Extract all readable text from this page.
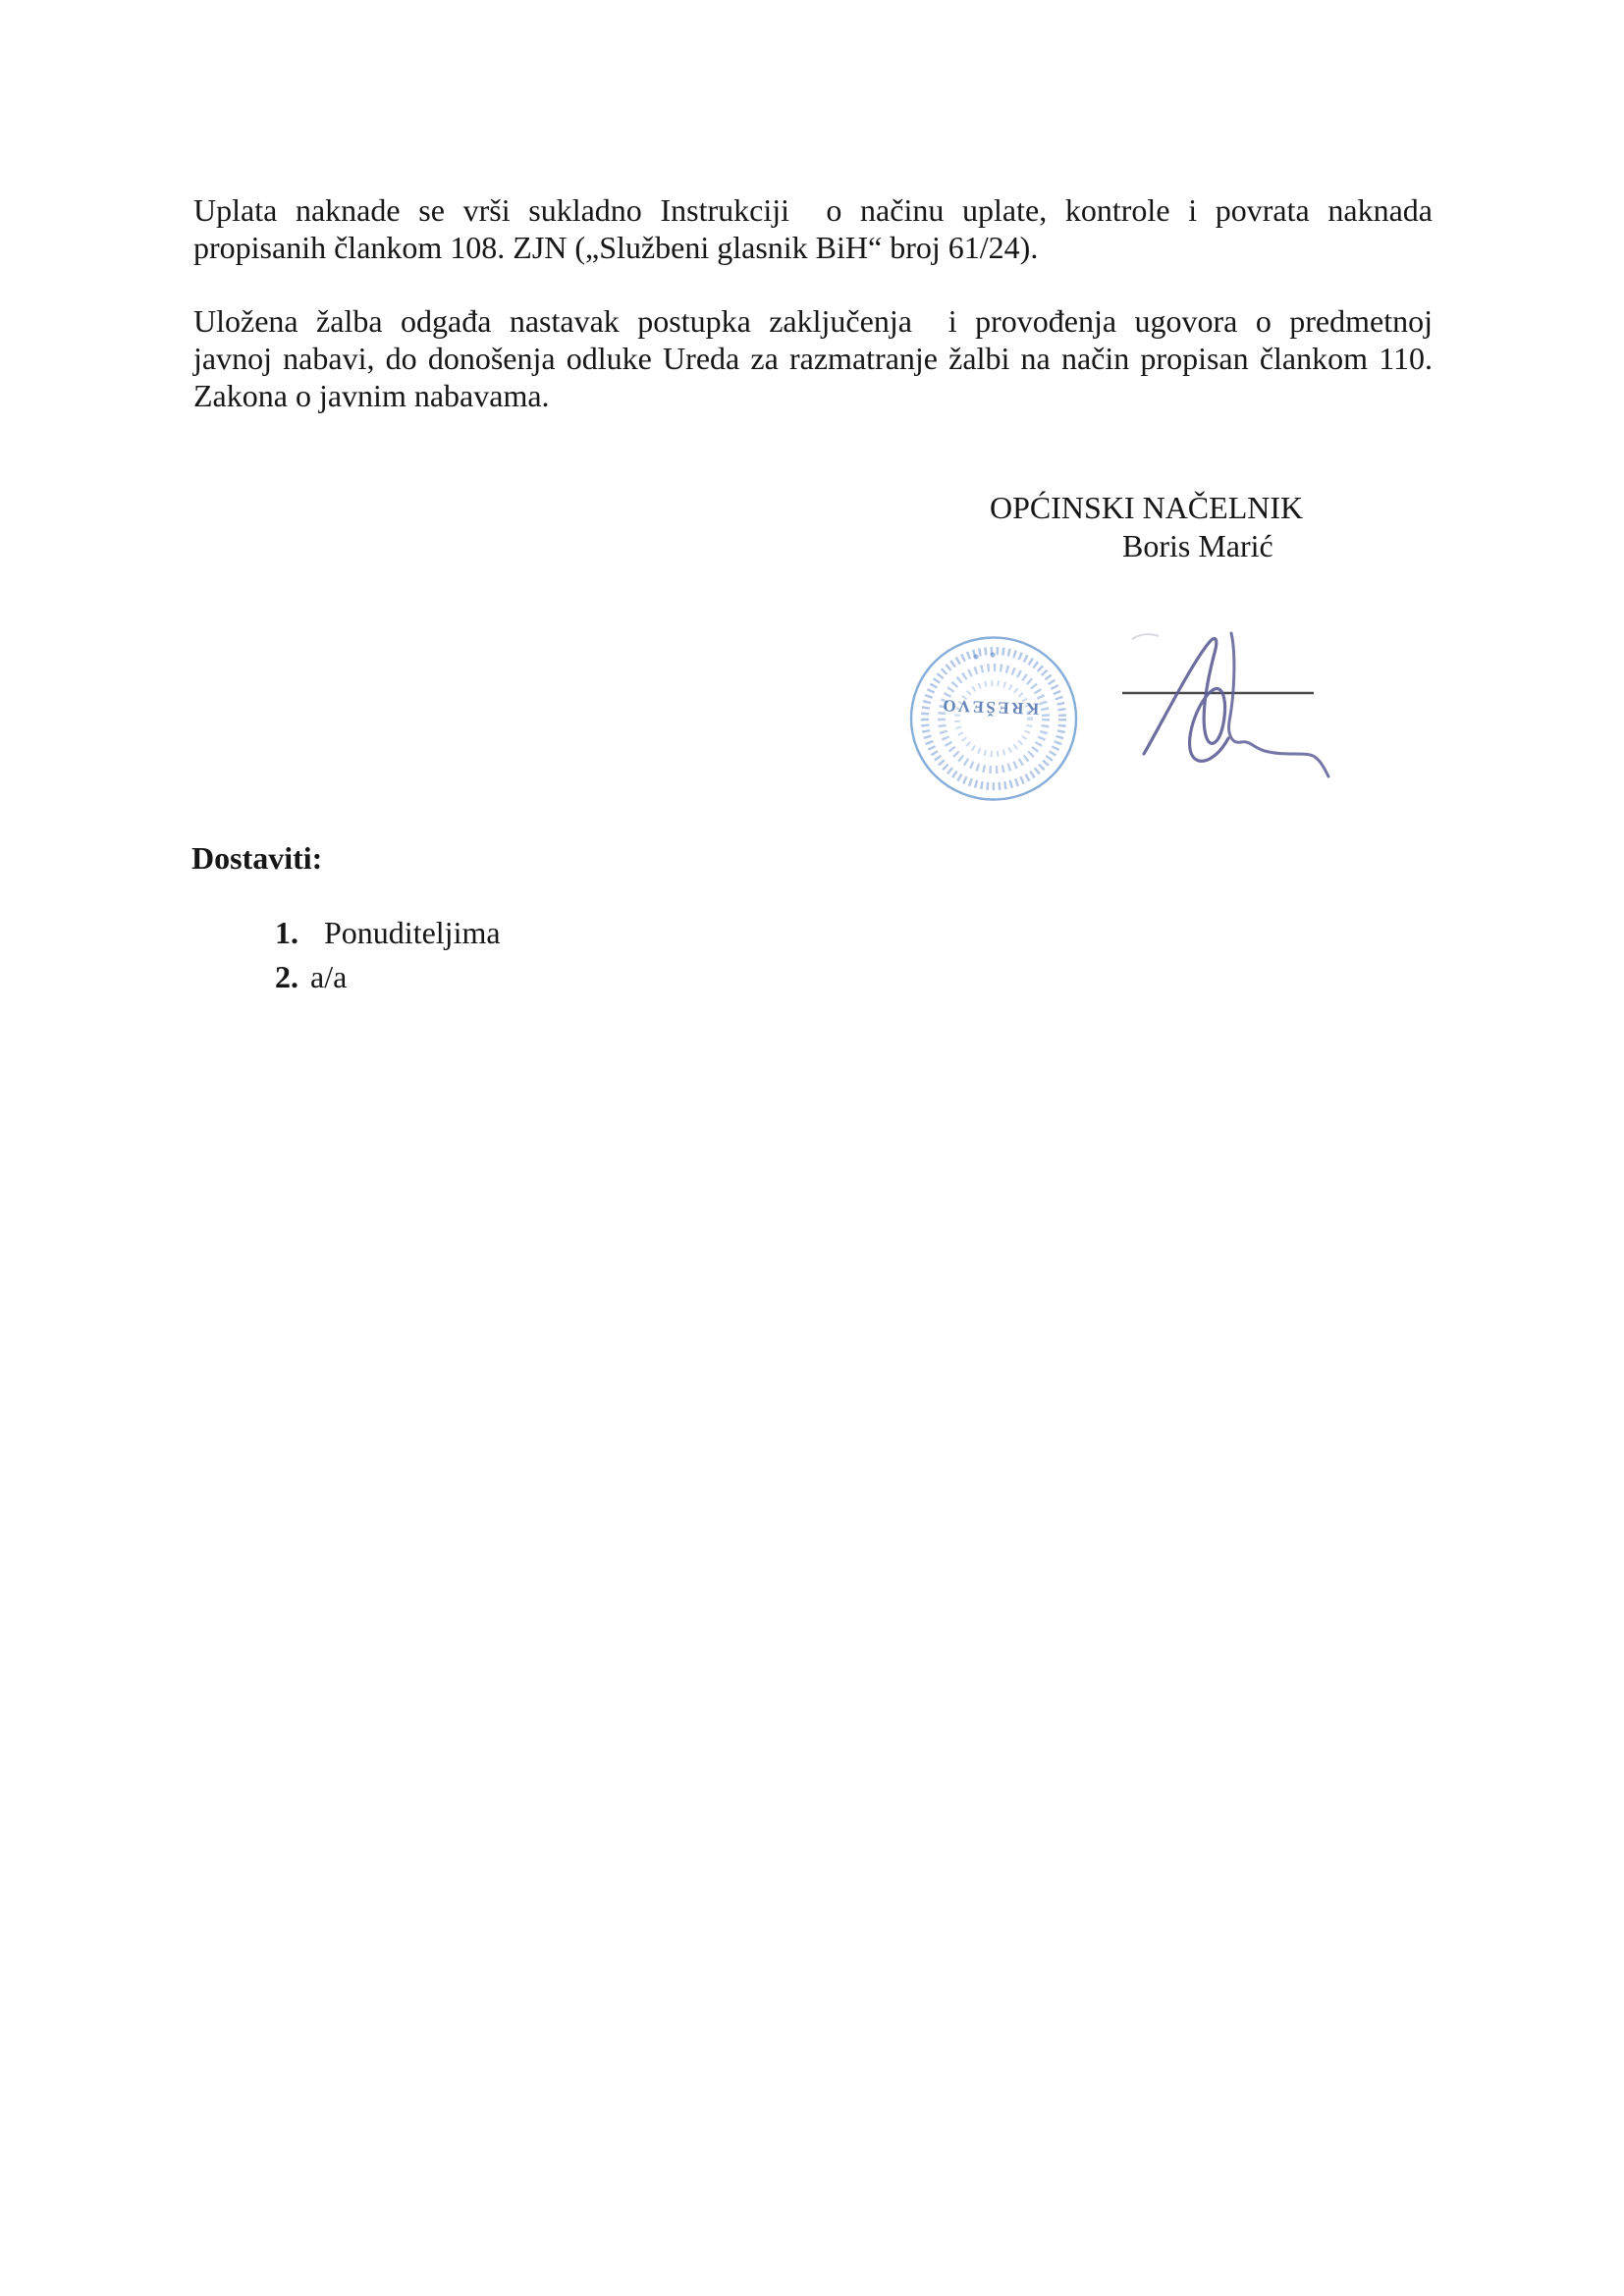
Uplata naknade se vrši sukladno Instrukciji  o načinu uplate, kontrole i povrata naknada
propisanih člankom 108. ZJN („Službeni glasnik BiH“ broj 61/24).
Uložena žalba odgađa nastavak postupka zaključenja  i provođenja ugovora o predmetnoj
javnoj nabavi, do donošenja odluke Ureda za razmatranje žalbi na način propisan člankom 110.
Zakona o javnim nabavama.
OPĆINSKI NAČELNIK
Boris Marić
KREŠEVO
Dostaviti:

1. Ponuditeljima

2. a/a
